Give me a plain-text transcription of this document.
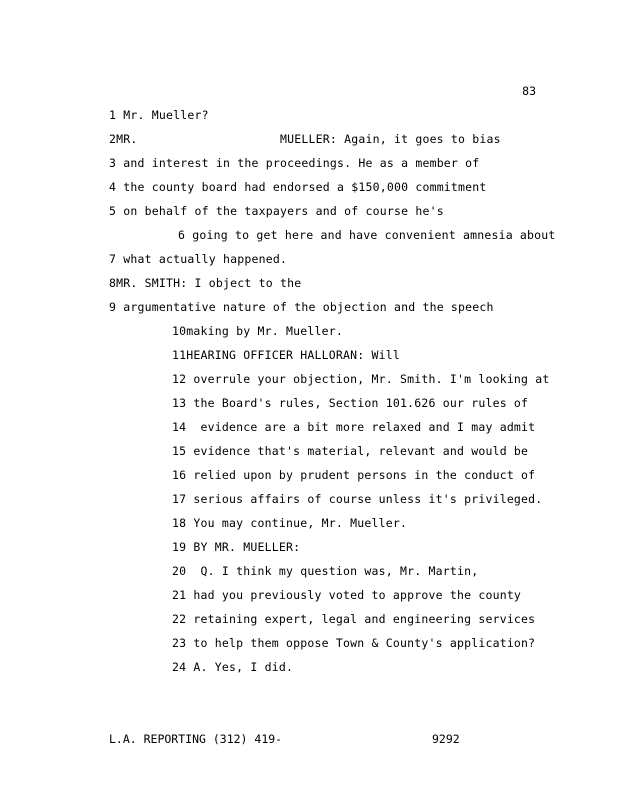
83
1 Mr. Mueller?
2MR.                    MUELLER: Again, it goes to bias
3 and interest in the proceedings. He as a member of
4 the county board had endorsed a $150,000 commitment
5 on behalf of the taxpayers and of course he's
6 going to get here and have convenient amnesia about
7 what actually happened.
8MR. SMITH: I object to the
9 argumentative nature of the objection and the speech
10making by Mr. Mueller.
11HEARING OFFICER HALLORAN: Will
12 overrule your objection, Mr. Smith. I'm looking at
13 the Board's rules, Section 101.626 our rules of
14  evidence are a bit more relaxed and I may admit
15 evidence that's material, relevant and would be
16 relied upon by prudent persons in the conduct of
17 serious affairs of course unless it's privileged.
18 You may continue, Mr. Mueller.
19 BY MR. MUELLER:
20  Q. I think my question was, Mr. Martin,
21 had you previously voted to approve the county
22 retaining expert, legal and engineering services
23 to help them oppose Town & County's application?
24 A. Yes, I did.
L.A. REPORTING (312) 419-	9292
